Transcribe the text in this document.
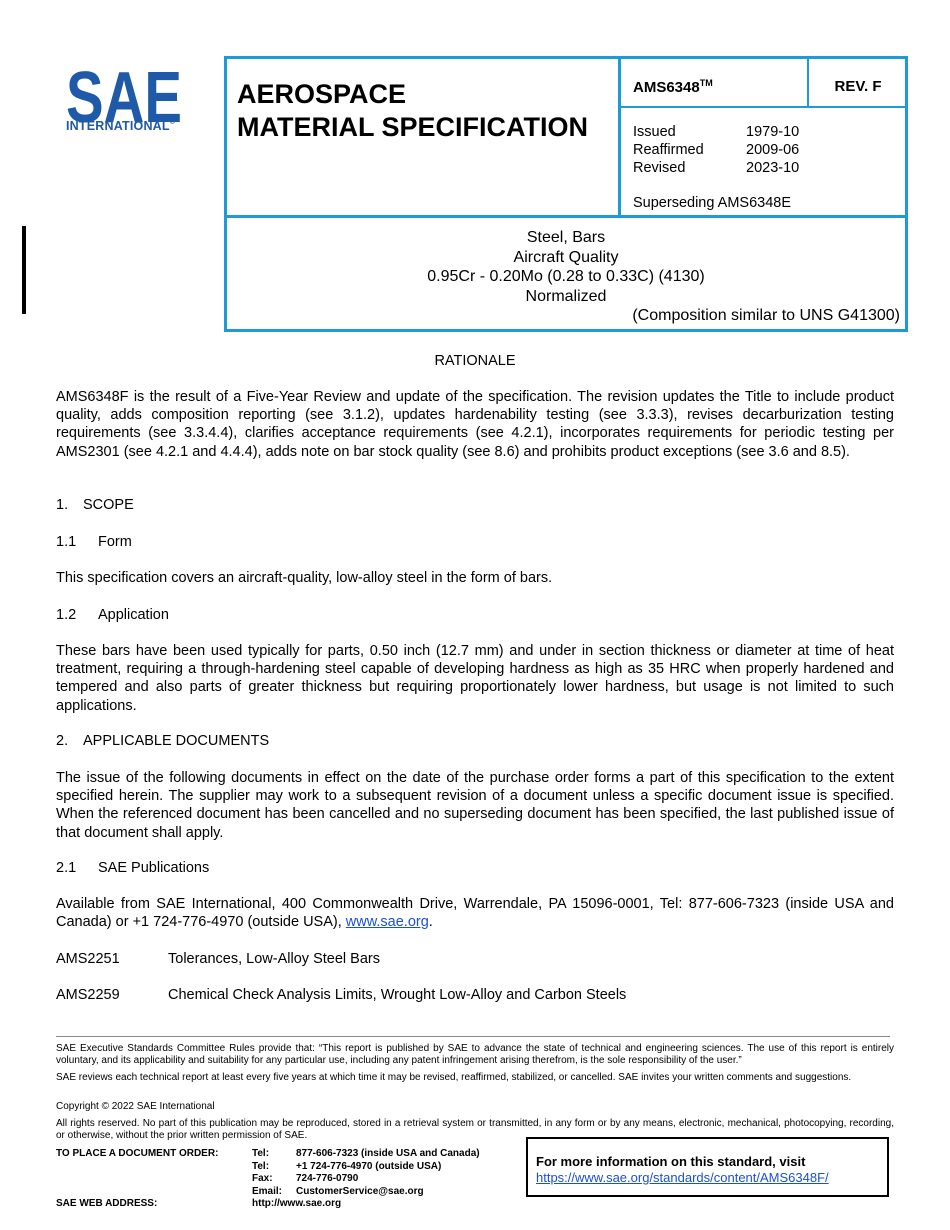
SAE
INTERNATIONAL®
AEROSPACE
MATERIAL SPECIFICATION
AMS6348™	REV. F
Issued	1979-10
Reaffirmed	2009-06
Revised	2023-10
Superseding AMS6348E
Steel, Bars
Aircraft Quality
0.95Cr - 0.20Mo (0.28 to 0.33C) (4130)
Normalized
(Composition similar to UNS G41300)
RATIONALE
AMS6348F is the result of a Five-Year Review and update of the specification. The revision updates the Title to include product quality, adds composition reporting (see 3.1.2), updates hardenability testing (see 3.3.3), revises decarburization testing requirements (see 3.3.4.4), clarifies acceptance requirements (see 4.2.1), incorporates requirements for periodic testing per AMS2301 (see 4.2.1 and 4.4.4), adds note on bar stock quality (see 8.6) and prohibits product exceptions (see 3.6 and 8.5).
1. SCOPE
1.1 Form
This specification covers an aircraft-quality, low-alloy steel in the form of bars.
1.2 Application
These bars have been used typically for parts, 0.50 inch (12.7 mm) and under in section thickness or diameter at time of heat treatment, requiring a through-hardening steel capable of developing hardness as high as 35 HRC when properly hardened and tempered and also parts of greater thickness but requiring proportionately lower hardness, but usage is not limited to such applications.
2. APPLICABLE DOCUMENTS
The issue of the following documents in effect on the date of the purchase order forms a part of this specification to the extent specified herein. The supplier may work to a subsequent revision of a document unless a specific document issue is specified. When the referenced document has been cancelled and no superseding document has been specified, the last published issue of that document shall apply.
2.1 SAE Publications
Available from SAE International, 400 Commonwealth Drive, Warrendale, PA 15096-0001, Tel: 877-606-7323 (inside USA and Canada) or +1 724-776-4970 (outside USA), www.sae.org.
AMS2251	Tolerances, Low-Alloy Steel Bars
AMS2259	Chemical Check Analysis Limits, Wrought Low-Alloy and Carbon Steels
SAE Executive Standards Committee Rules provide that: “This report is published by SAE to advance the state of technical and engineering sciences. The use of this report is entirely voluntary, and its applicability and suitability for any particular use, including any patent infringement arising therefrom, is the sole responsibility of the user.”
SAE reviews each technical report at least every five years at which time it may be revised, reaffirmed, stabilized, or cancelled. SAE invites your written comments and suggestions.
Copyright © 2022 SAE International
All rights reserved. No part of this publication may be reproduced, stored in a retrieval system or transmitted, in any form or by any means, electronic, mechanical, photocopying, recording, or otherwise, without the prior written permission of SAE.
TO PLACE A DOCUMENT ORDER:	Tel:	877-606-7323 (inside USA and Canada)
Tel:	+1 724-776-4970 (outside USA)
Fax: 724-776-0790
Email: CustomerService@sae.org
SAE WEB ADDRESS:	http://www.sae.org
For more information on this standard, visit
https://www.sae.org/standards/content/AMS6348F/
